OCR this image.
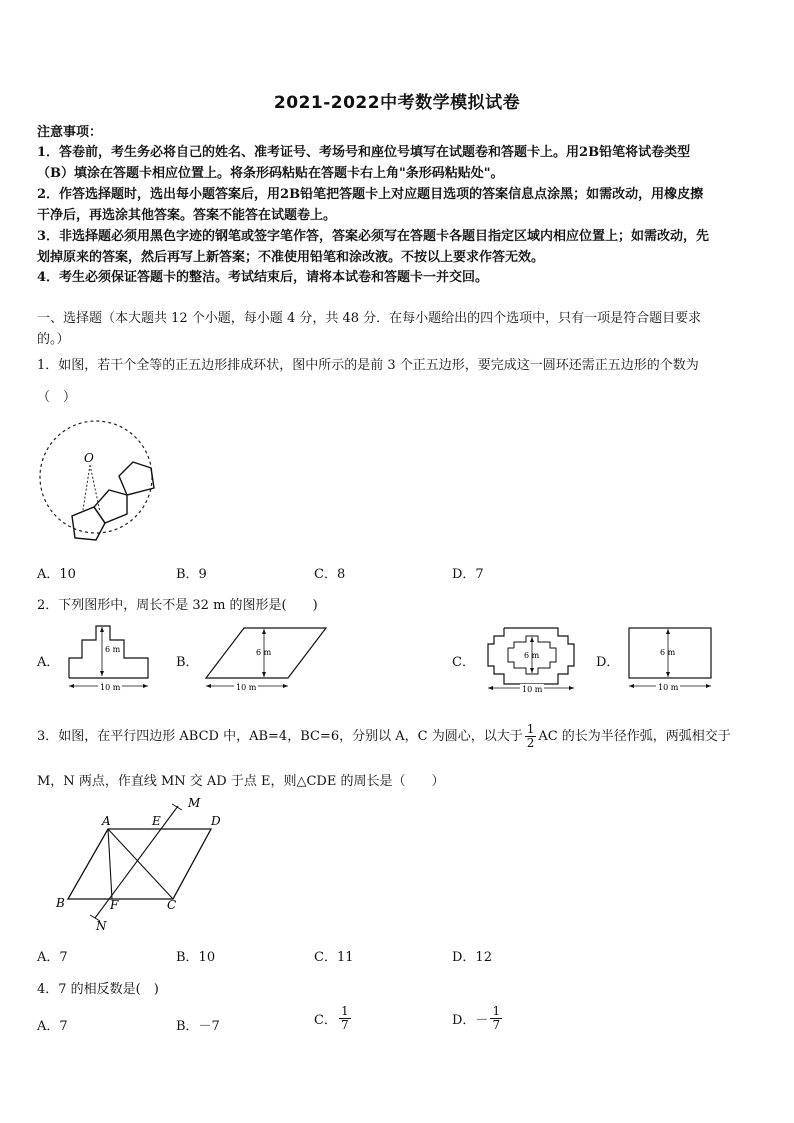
2021-2022中考数学模拟试卷
注意事项：
1．答卷前，考生务必将自己的姓名、准考证号、考场号和座位号填写在试题卷和答题卡上。用2B铅笔将试卷类型
（B）填涂在答题卡相应位置上。将条形码粘贴在答题卡右上角"条形码粘贴处"。
2．作答选择题时，选出每小题答案后，用2B铅笔把答题卡上对应题目选项的答案信息点涂黑；如需改动，用橡皮擦
干净后，再选涂其他答案。答案不能答在试题卷上。
3．非选择题必须用黑色字迹的钢笔或签字笔作答，答案必须写在答题卡各题目指定区域内相应位置上；如需改动，先
划掉原来的答案，然后再写上新答案；不准使用铅笔和涂改液。不按以上要求作答无效。
4．考生必须保证答题卡的整洁。考试结束后，请将本试卷和答题卡一并交回。
一、选择题（本大题共 12 个小题，每小题 4 分，共 48 分．在每小题给出的四个选项中，只有一项是符合题目要求
的。）
1．如图，若干个全等的正五边形排成环状，图中所示的是前 3 个正五边形，要完成这一圆环还需正五边形的个数为
（　）
O
A．10	B．9	C．8	D．7
2．下列图形中，周长不是 32 m 的图形是(　　)
A．
6 m
10 m
B．
6 m
10 m
C．	6 m
10 m
D．
6 m
10 m
3．如图，在平行四边形 ABCD 中，AB=4，BC=6，分别以 A，C 为圆心，以大于 $\frac{1}{2}$ AC 的长为半径作弧，两弧相交于
M，N 两点，作直线 MN 交 AD 于点 E，则△CDE 的周长是（　　）
A	E	D
M
B	F	C
N
A．7	B．10	C．11	D．12
4．7 的相反数是(　)
A．7	B．－7	C． $\frac{1}{7}$	D．－ $\frac{1}{7}$
